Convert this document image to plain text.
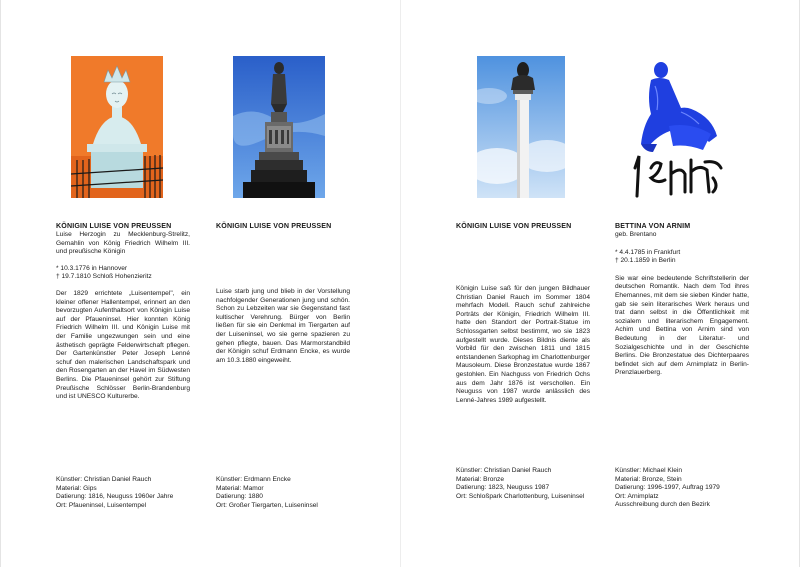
KÖNIGIN LUISE VON PREUSSEN

Luise Herzogin zu Mecklenburg-Strelitz, Gemahlin von König Friedrich Wilhelm III. und preußische Königin

* 10.3.1776 in Hannover

† 19.7.1810 Schloß Hohenzieritz

Der 1829 errichtete „Luisentempel", ein kleiner offener Hallentempel, erinnert an den bevorzugten Aufenthaltsort von Königin Luise auf der Pfaueninsel. Hier konnten König Friedrich Wilhelm III. und Königin Luise mit der Familie ungezwungen sein und eine ästhetisch geprägte Felderwirtschaft pflegen. Der Gartenkünstler Peter Joseph Lenné schuf den malerischen Landschaftspark und den Rosengarten an der Havel im Südwesten Berlins. Die Pfaueninsel gehört zur Stiftung Preußische Schlösser Berlin-Brandenburg und ist UNESCO Kulturerbe.

Künstler: Christian Daniel Rauch
Material: Gips
Datierung: 1816, Neuguss 1960er Jahre
Ort: Pfaueninsel, Luisentempel

KÖNIGIN LUISE VON PREUSSEN

Luise starb jung und blieb in der Vorstellung nachfolgender Generationen jung und schön. Schon zu Lebzeiten war sie Gegenstand fast kultischer Verehrung. Bürger von Berlin ließen für sie ein Denkmal im Tiergarten auf der Luiseninsel, wo sie gerne spazieren zu gehen pflegte, bauen. Das Marmorstandbild der Königin schuf Erdmann Encke, es wurde am 10.3.1880 eingeweiht.

Künstler: Erdmann Encke
Material: Mamor
Datierung: 1880
Ort: Großer Tiergarten, Luiseninsel

KÖNIGIN LUISE VON PREUSSEN

Königin Luise saß für den jungen Bildhauer Christian Daniel Rauch im Sommer 1804 mehrfach Modell. Rauch schuf zahlreiche Porträts der Königin, Friedrich Wilhelm III. hatte den Standort der Portrait-Statue im Schlossgarten selbst bestimmt, wo sie 1823 aufgestellt wurde. Dieses Bildnis diente als Vorbild für den zwischen 1811 und 1815 entstandenen Sarkophag im Charlottenburger Mausoleum. Diese Bronzestatue wurde 1867 gestohlen. Ein Nachguss von Friedrich Ochs aus dem Jahr 1876 ist verschollen. Ein Neuguss von 1987 wurde anlässlich des Lenné-Jahres 1989 aufgestellt.

Künstler: Christian Daniel Rauch
Material: Bronze
Datierung: 1823, Neuguss 1987
Ort: Schloßpark Charlottenburg, Luiseninsel

BETTINA VON ARNIM

geb. Brentano

* 4.4.1785 in Frankfurt

† 20.1.1859 in Berlin

Sie war eine bedeutende Schriftstellerin der deutschen Romantik. Nach dem Tod ihres Ehemannes, mit dem sie sieben Kinder hatte, gab sie sein literarisches Werk heraus und trat dann selbst in die Öffentlichkeit mit sozialem und literarischem Engagement. Achim und Bettina von Arnim sind von Bedeutung in der Literatur- und Sozialgeschichte und in der Geschichte Berlins. Die Bronzestatue des Dichterpaares befindet sich auf dem Arnimplatz in Berlin-Prenzlauerberg.

Künstler: Michael Klein
Material: Bronze, Stein
Datierung: 1996-1997, Auftrag 1979
Ort: Arnimplatz
Ausschreibung durch den Bezirk
